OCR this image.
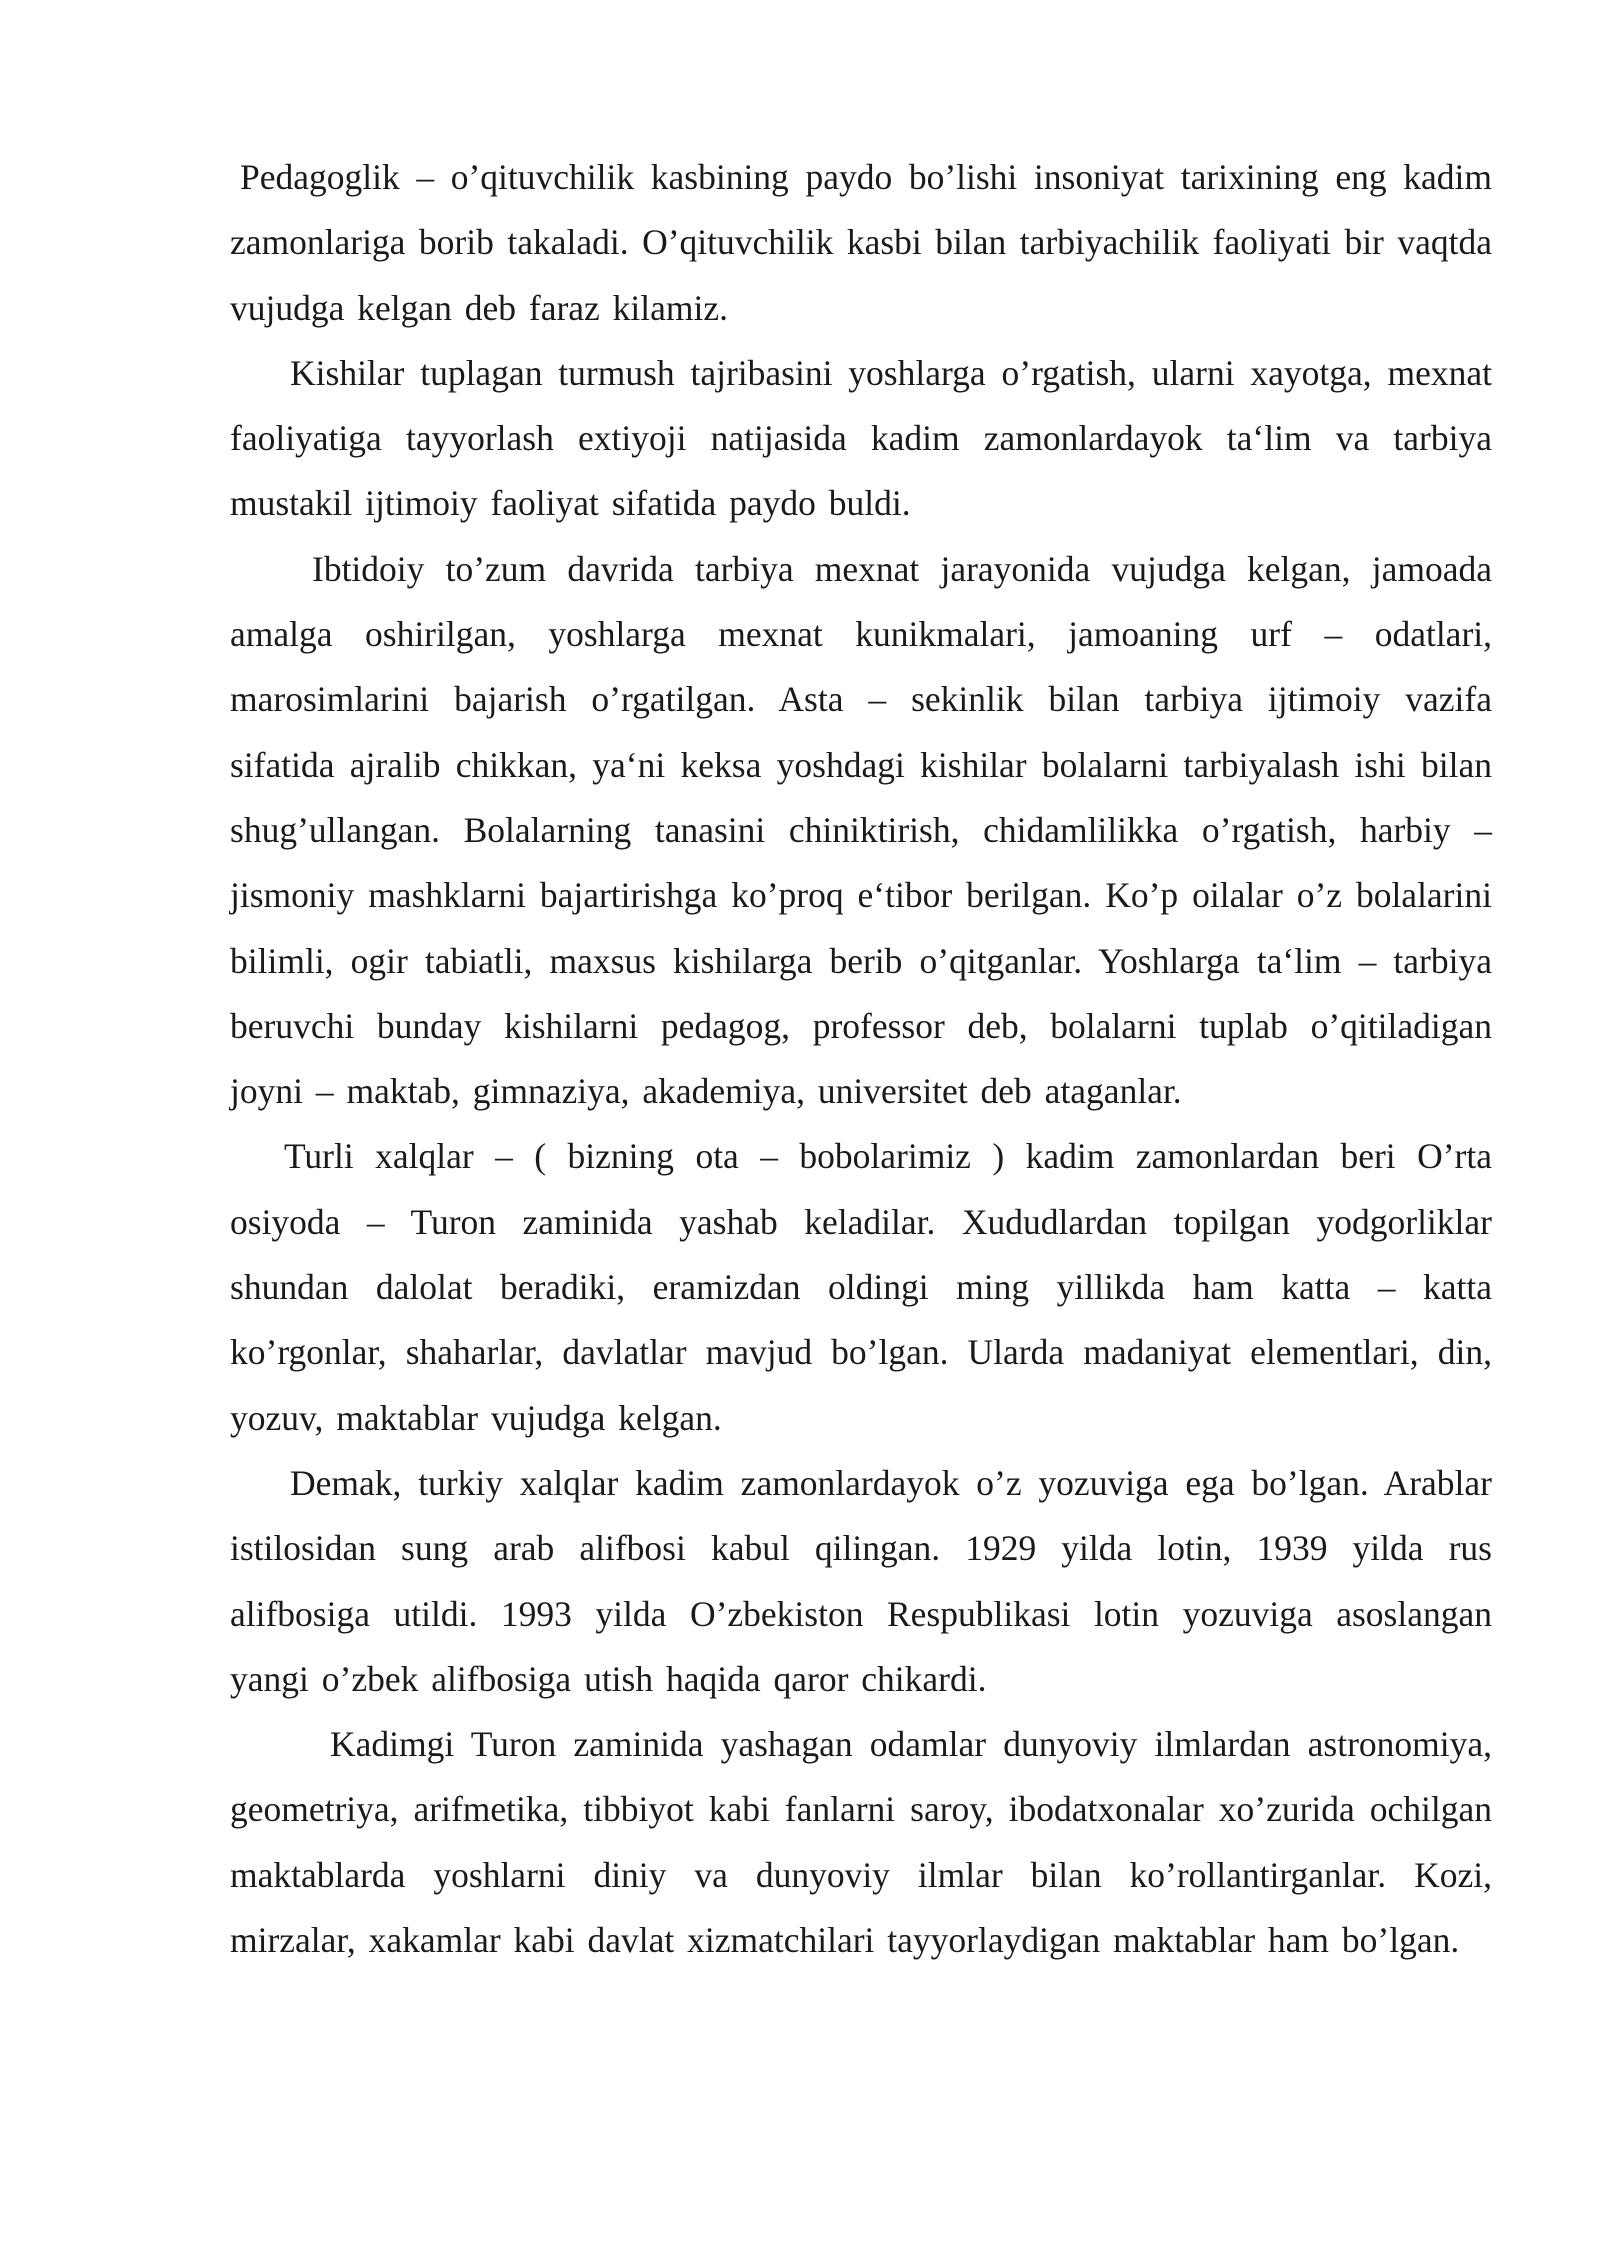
Pedagoglik – o’qituvchilik kasbining paydo bo’lishi insoniyat tarixining eng kadim zamonlariga borib takaladi. O’qituvchilik kasbi bilan tarbiyachilik faoliyati bir vaqtda vujudga kelgan deb faraz kilamiz.

Kishilar tuplagan turmush tajribasini yoshlarga o’rgatish, ularni xayotga, mexnat faoliyatiga tayyorlash extiyoji natijasida kadim zamonlardayok ta‘lim va tarbiya mustakil ijtimoiy faoliyat sifatida paydo buldi.

Ibtidoiy to’zum davrida tarbiya mexnat jarayonida vujudga kelgan, jamoada amalga oshirilgan, yoshlarga mexnat kunikmalari, jamoaning urf – odatlari, marosimlarini bajarish o’rgatilgan. Asta – sekinlik bilan tarbiya ijtimoiy vazifa sifatida ajralib chikkan, ya‘ni keksa yoshdagi kishilar bolalarni tarbiyalash ishi bilan shug’ullangan. Bolalarning tanasini chiniktirish, chidamlilikka o’rgatish, harbiy – jismoniy mashklarni bajartirishga ko’proq e‘tibor berilgan. Ko’p oilalar o’z bolalarini bilimli, ogir tabiatli, maxsus kishilarga berib o’qitganlar. Yoshlarga ta‘lim – tarbiya beruvchi bunday kishilarni pedagog, professor deb, bolalarni tuplab o’qitiladigan joyni – maktab, gimnaziya, akademiya, universitet deb ataganlar.

Turli xalqlar – ( bizning ota – bobolarimiz ) kadim zamonlardan beri O’rta osiyoda – Turon zaminida yashab keladilar. Xududlardan topilgan yodgorliklar shundan dalolat beradiki, eramizdan oldingi ming yillikda ham katta – katta ko’rgonlar, shaharlar, davlatlar mavjud bo’lgan. Ularda madaniyat elementlari, din, yozuv, maktablar vujudga kelgan.

Demak, turkiy xalqlar kadim zamonlardayok o’z yozuviga ega bo’lgan. Arablar istilosidan sung arab alifbosi kabul qilingan. 1929 yilda lotin, 1939 yilda rus alifbosiga utildi. 1993 yilda O’zbekiston Respublikasi lotin yozuviga asoslangan yangi o’zbek alifbosiga utish haqida qaror chikardi.

Kadimgi Turon zaminida yashagan odamlar dunyoviy ilmlardan astronomiya, geometriya, arifmetika, tibbiyot kabi fanlarni saroy, ibodatxonalar xo’zurida ochilgan maktablarda yoshlarni diniy va dunyoviy ilmlar bilan ko’rollantirganlar. Kozi, mirzalar, xakamlar kabi davlat xizmatchilari tayyorlaydigan maktablar ham bo’lgan.
